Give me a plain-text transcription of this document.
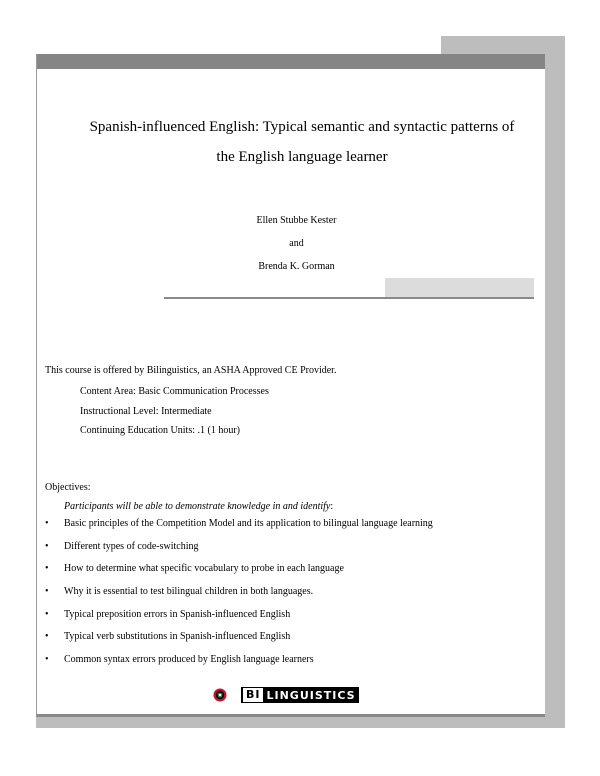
Spanish-influenced English: Typical semantic and syntactic patterns of
the English language learner
Ellen Stubbe Kester
and
Brenda K. Gorman
This course is offered by Bilinguistics, an ASHA Approved CE Provider.
Content Area: Basic Communication Processes
Instructional Level: Intermediate
Continuing Education Units: .1 (1 hour)
Objectives:
Participants will be able to demonstrate knowledge in and identify:
• Basic principles of the Competition Model and its application to bilingual language learning
• Different types of code-switching
• How to determine what specific vocabulary to probe in each language
• Why it is essential to test bilingual children in both languages.
• Typical preposition errors in Spanish-influenced English
• Typical verb substitutions in Spanish-influenced English
• Common syntax errors produced by English language learners
BI LINGUISTICS
